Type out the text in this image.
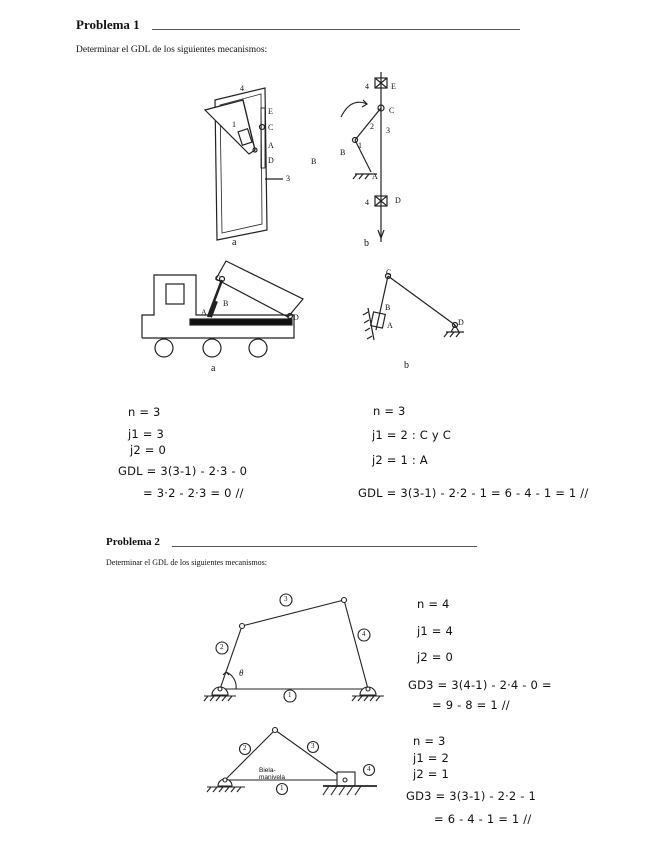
Problema 1
Determinar el GDL de los siguientes mecanismos:
4
E
1	C
A
D
3
B
a
4	E
C
2 3
B
1
A
4	D
b
C
B
A
D
a
C
B
A	D
b
n = 3
j1 = 3
j2 = 0
GDL = 3(3-1) - 2·3 - 0
= 3·2 - 2·3 = 0 //
n = 3
j1 = 2 : C y C
j2 = 1 : A
GDL = 3(3-1) - 2·2 - 1 = 6 - 4 - 1 = 1 //
Problema 2
Determinar el GDL de los siguientes mecanismos:
1
2
3
4
θ
1
2	3
4
Biela-manivela
n = 4
j1 = 4
j2 = 0
GD3 = 3(4-1) - 2·4 - 0 =
= 9 - 8 = 1 //
n = 3
j1 = 2
j2 = 1
GD3 = 3(3-1) - 2·2 - 1
= 6 - 4 - 1 = 1 //
